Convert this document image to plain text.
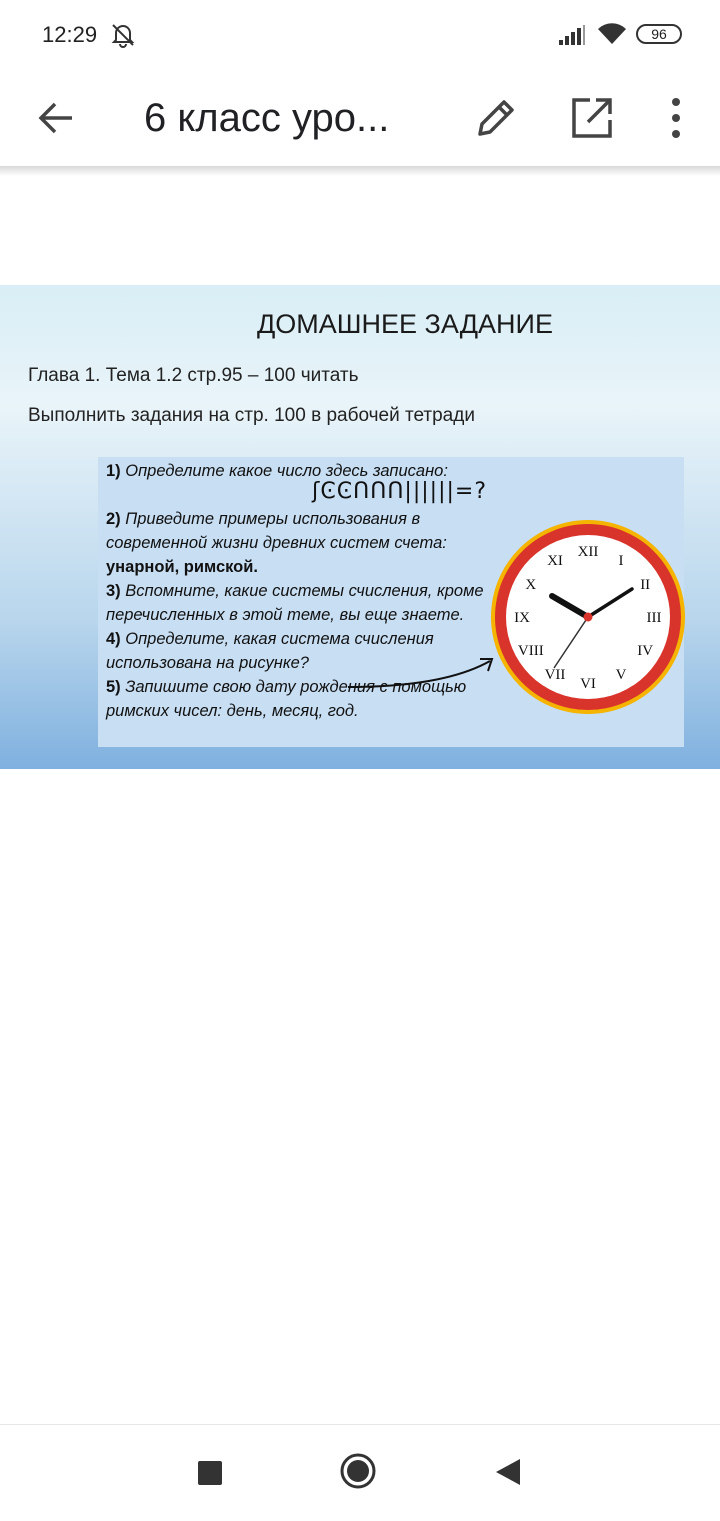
12:29	96
6 класс уро...
ДОМАШНЕЕ ЗАДАНИЕ
Глава 1. Тема 1.2 стр.95 – 100 читать
Выполнить задания на стр. 100 в рабочей тетради

1) Определите какое число здесь записано:

2) Приведите примеры использования в современной жизни древних систем счета: унарной, римской.

3) Вспомните, какие системы счисления, кроме перечисленных в этой теме, вы еще знаете.

4) Определите, какая система счисления использована на рисунке?

5) Запишите свою дату рождения с помощью римских чисел: день, месяц, год.

ʃϾϾՈՈՈ||||||=?
XII
I
II
III
IV
V
VI
VII
VIII
IX
X
XI
